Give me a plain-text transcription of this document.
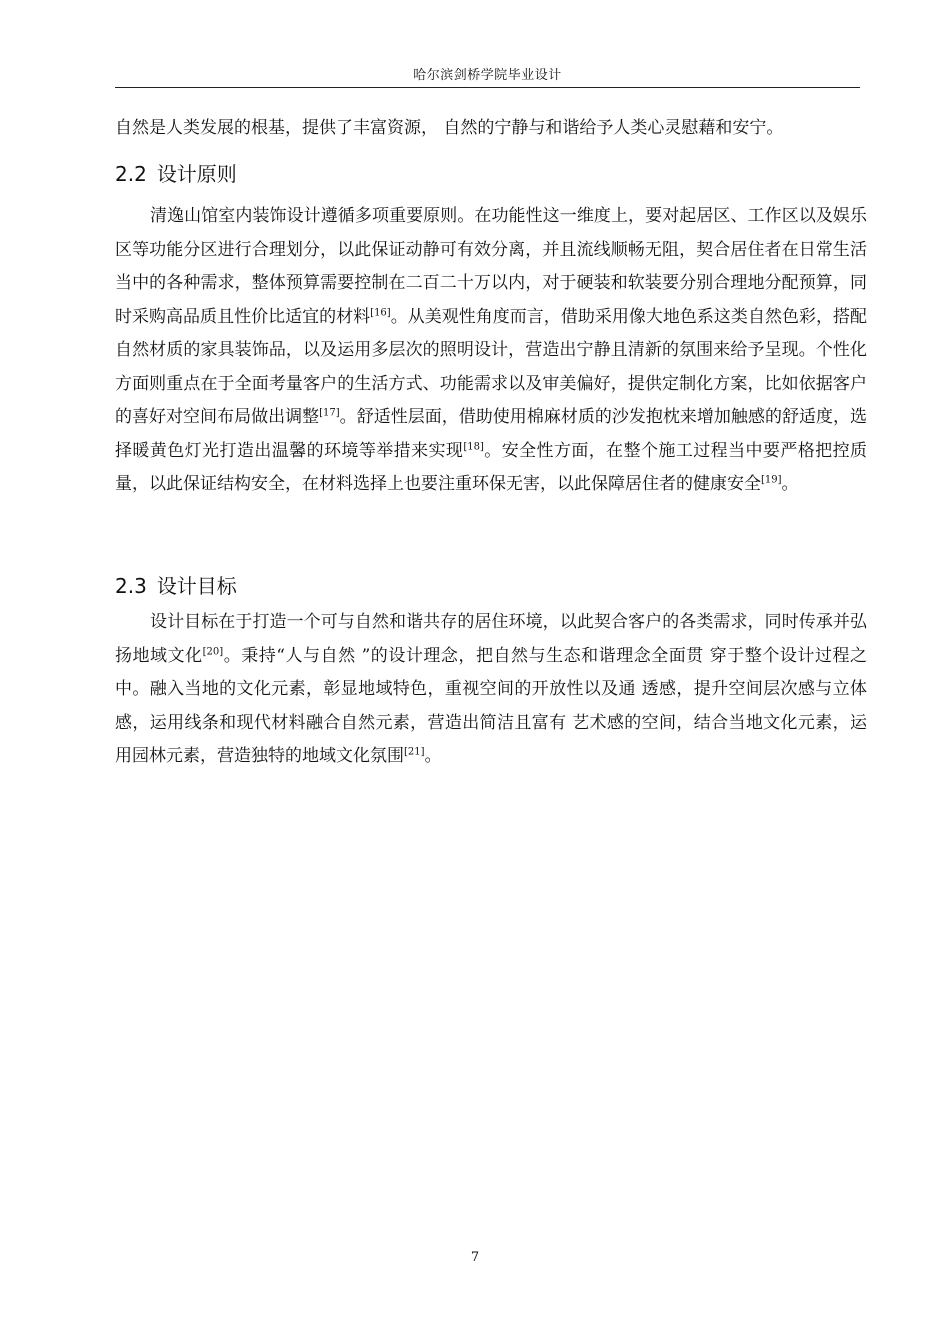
哈尔滨剑桥学院毕业设计

自然是人类发展的根基，提供了丰富资源， 自然的宁静与和谐给予人类心灵慰藉和安宁。

2.2 设计原则

清逸山馆室内装饰设计遵循多项重要原则。在功能性这一维度上，要对起居区、工作区以及娱乐区等功能分区进行合理划分，以此保证动静可有效分离，并且流线顺畅无阻，契合居住者在日常生活当中的各种需求，整体预算需要控制在二百二十万以内，对于硬装和软装要分别合理地分配预算，同时采购高品质且性价比适宜的材料[16]。从美观性角度而言，借助采用像大地色系这类自然色彩，搭配自然材质的家具装饰品，以及运用多层次的照明设计，营造出宁静且清新的氛围来给予呈现。个性化方面则重点在于全面考量客户的生活方式、功能需求以及审美偏好，提供定制化方案，比如依据客户的喜好对空间布局做出调整[17]。舒适性层面，借助使用棉麻材质的沙发抱枕来增加触感的舒适度，选择暖黄色灯光打造出温馨的环境等举措来实现[18]。安全性方面，在整个施工过程当中要严格把控质量，以此保证结构安全，在材料选择上也要注重环保无害，以此保障居住者的健康安全[19]。

2.3 设计目标

设计目标在于打造一个可与自然和谐共存的居住环境，以此契合客户的各类需求，同时传承并弘扬地域文化[20]。秉持“人与自然 ”的设计理念，把自然与生态和谐理念全面贯 穿于整个设计过程之中。融入当地的文化元素，彰显地域特色，重视空间的开放性以及通 透感，提升空间层次感与立体感，运用线条和现代材料融合自然元素，营造出简洁且富有 艺术感的空间，结合当地文化元素，运用园林元素，营造独特的地域文化氛围[21]。

7
